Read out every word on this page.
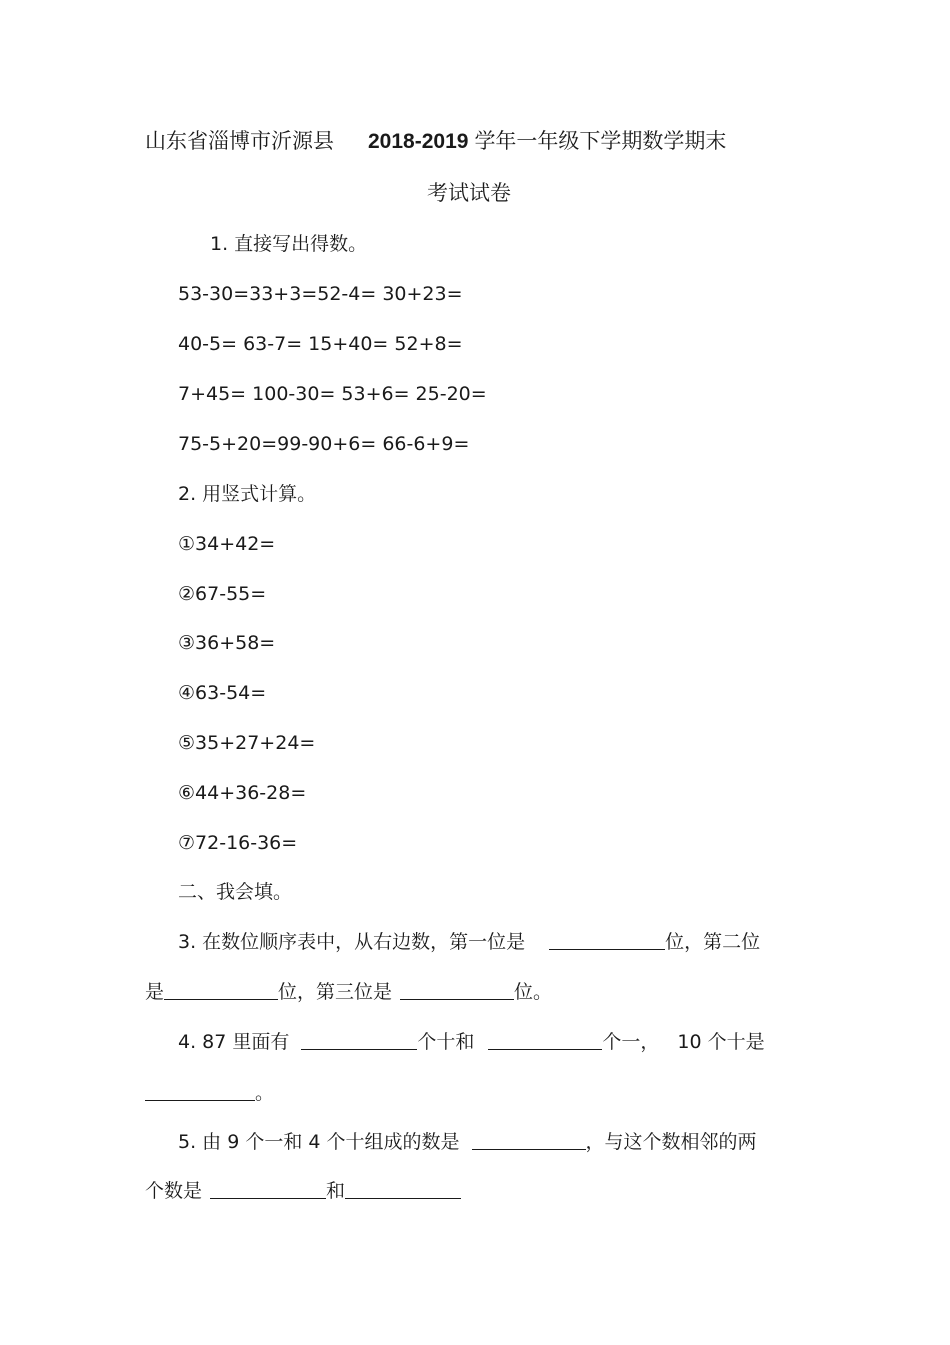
山东省淄博市沂源县 2018-2019 学年一年级下学期数学期末
考试试卷
1. 直接写出得数。
53-30=33+3=52-4= 30+23=
40-5= 63-7= 15+40= 52+8=
7+45= 100-30= 53+6= 25-20=
75-5+20=99-90+6= 66-6+9=
2. 用竖式计算。
①34+42=
②67-55=
③36+58=
④63-54=
⑤35+27+24=
⑥44+36-28=
⑦72-16-36=
二、我会填。
3. 在数位顺序表中，从右边数，第一位是	位，第二位
是	位，第三位是	位。
4. 87 里面有	个十和	个一， 10 个十是
。
5. 由 9 个一和 4 个十组成的数是	，与这个数相邻的两
个数是	和
